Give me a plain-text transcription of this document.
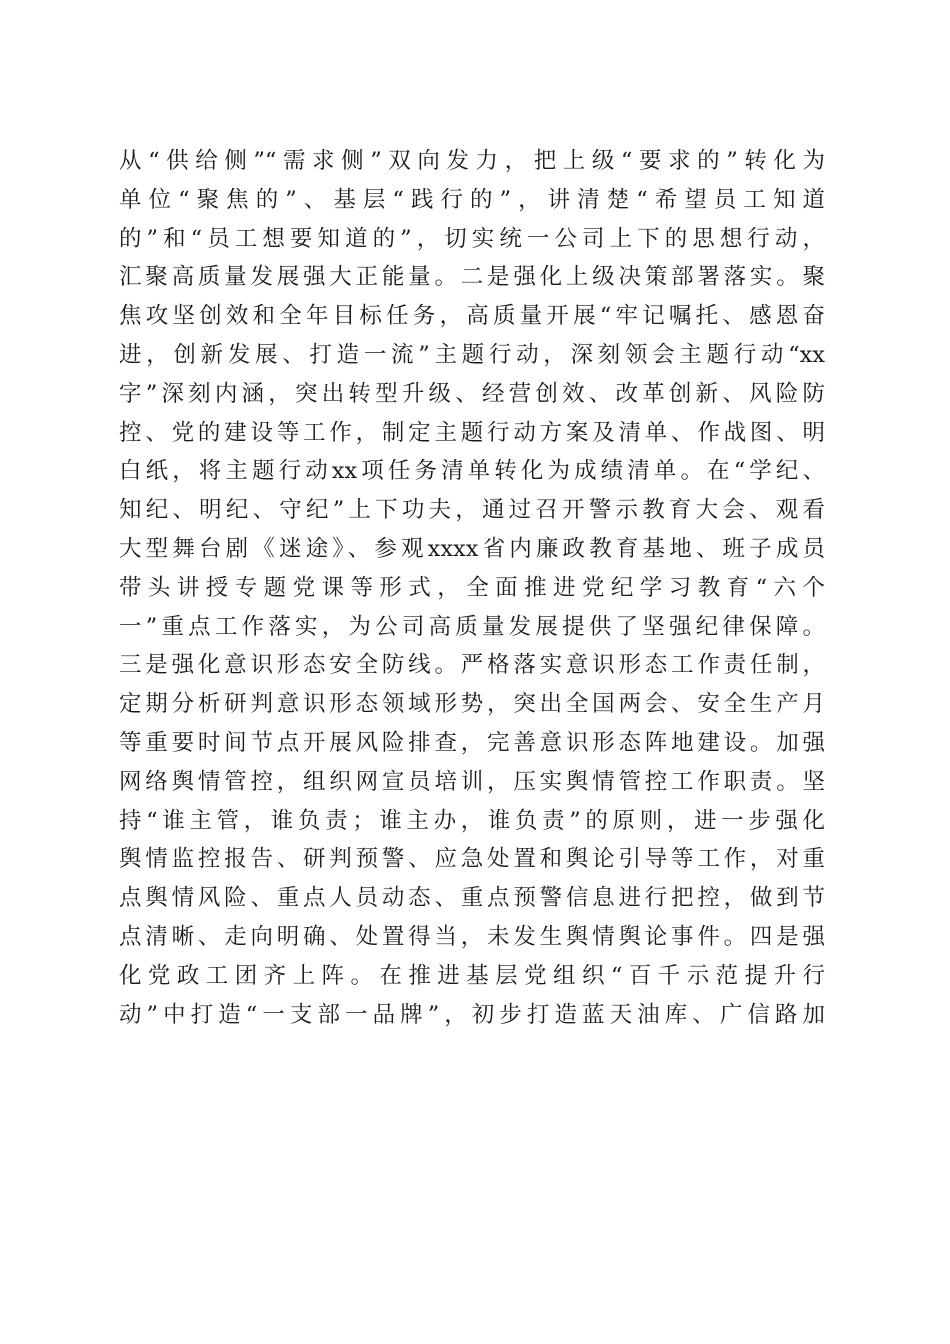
从“供给侧”“需求侧”双向发力，把上级“要求的”转化为
单位“聚焦的”、基层“践行的”，讲清楚“希望员工知道
的”和“员工想要知道的”，切实统一公司上下的思想行动，
汇聚高质量发展强大正能量。二是强化上级决策部署落实。聚
焦攻坚创效和全年目标任务，高质量开展“牢记嘱托、感恩奋
进，创新发展、打造一流”主题行动，深刻领会主题行动“xx
字”深刻内涵，突出转型升级、经营创效、改革创新、风险防
控、党的建设等工作，制定主题行动方案及清单、作战图、明
白纸，将主题行动xx项任务清单转化为成绩清单。在“学纪、
知纪、明纪、守纪”上下功夫，通过召开警示教育大会、观看
大型舞台剧《迷途》、参观xxxx省内廉政教育基地、班子成员
带头讲授专题党课等形式，全面推进党纪学习教育“六个
一”重点工作落实，为公司高质量发展提供了坚强纪律保障。
三是强化意识形态安全防线。严格落实意识形态工作责任制，
定期分析研判意识形态领域形势，突出全国两会、安全生产月
等重要时间节点开展风险排查，完善意识形态阵地建设。加强
网络舆情管控，组织网宣员培训，压实舆情管控工作职责。坚
持“谁主管，谁负责；谁主办，谁负责”的原则，进一步强化
舆情监控报告、研判预警、应急处置和舆论引导等工作，对重
点舆情风险、重点人员动态、重点预警信息进行把控，做到节
点清晰、走向明确、处置得当，未发生舆情舆论事件。四是强
化党政工团齐上阵。在推进基层党组织“百千示范提升行
动”中打造“一支部一品牌”，初步打造蓝天油库、广信路加
